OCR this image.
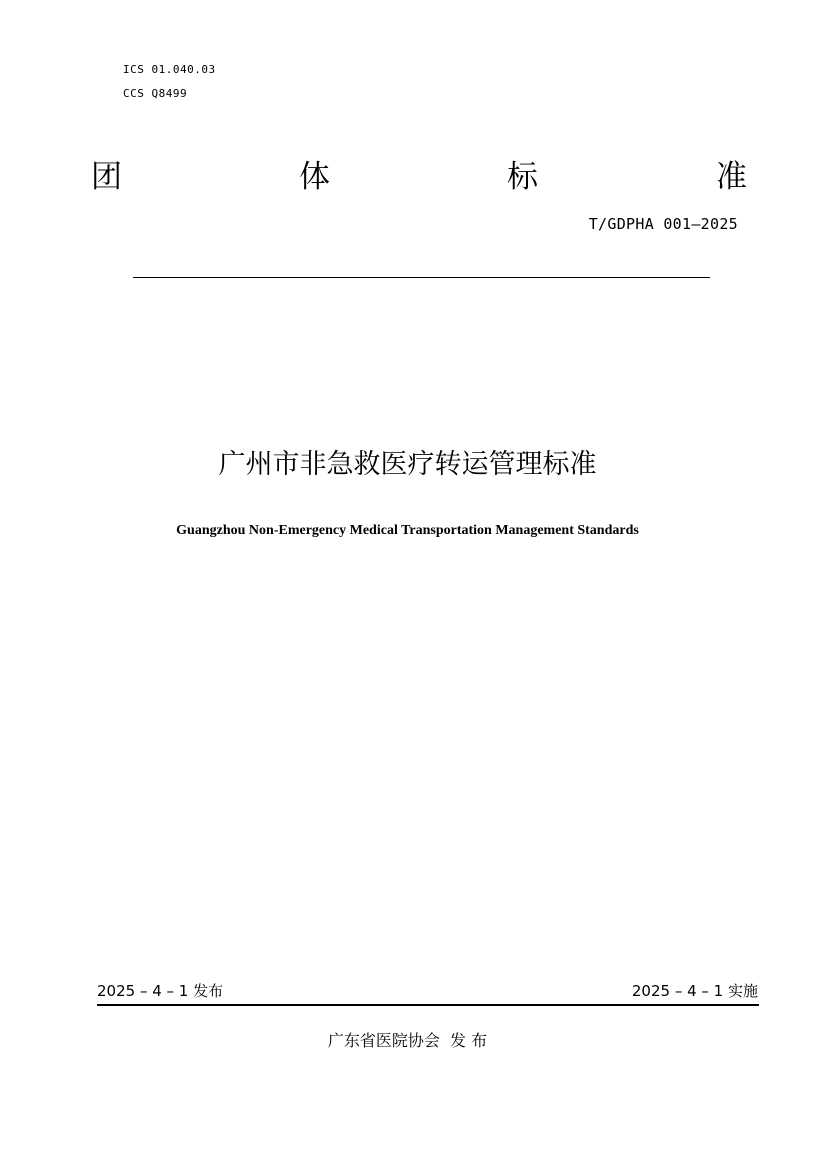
ICS 01.040.03
CCS Q8499
团	体	标	准
T/GDPHA 001—2025
广州市非急救医疗转运管理标准
Guangzhou Non-Emergency Medical Transportation Management Standards
2025 – 4 – 1 发布	2025 – 4 – 1 实施
广东省医院协会  发 布
